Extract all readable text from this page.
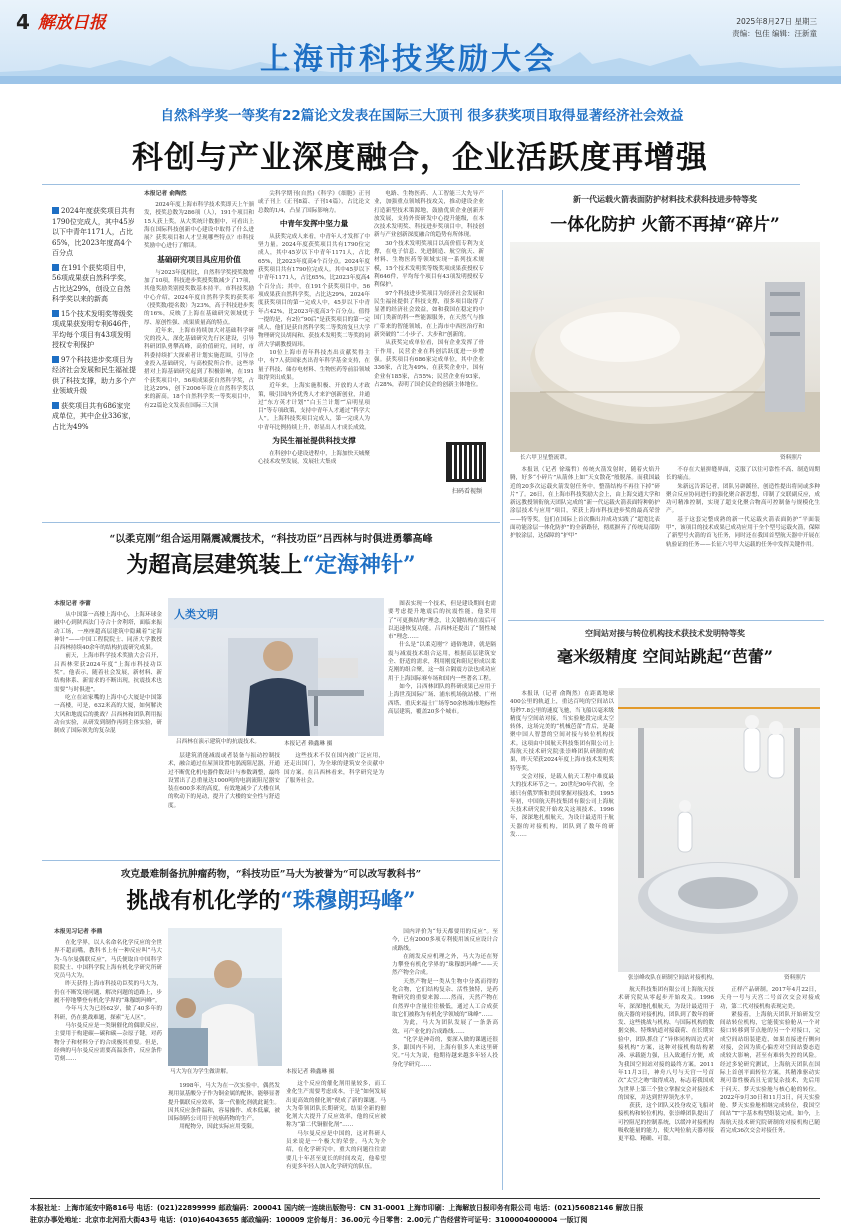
4 解放日报	2025年8月27日 星期三
责编：包佳 编辑：汪新童
上海市科技奖励大会
自然科学奖一等奖有22篇论文发表在国际三大顶刊 很多获奖项目取得显著经济社会效益
科创与产业深度融合，企业活跃度再增强

2024年度获奖项目共有1790位完成人，其中45岁以下中青年1171人，占比65%，比2023年度高4个百分点

在191个获奖项目中，56项成果获自然科学奖，占比达29%，创设立自然科学奖以来的新高

15个技术发明奖等级奖项成果获发明专利646件，平均每个项目有43项发明授权专利保护

97个科技进步奖项目为经济社会发展和民生福祉提供了科技支撑，助力多个产业领域升级

获奖项目共有686家完成单位，其中企业336家，占比为49%

本报记者 俞陶然

2024年度上海市科学技术奖即天上午颁发，授奖总数为286项（人），191个项目和15人获上奖，从大奖统计数据中，可看出上海在国际科技创新中心建设中取得了什么进展？获奖项目和人才呈现哪些特点？市科技奖励中心进行了解读。

基础研究项目具应用价值

与2023年度相比，自然科学奖授奖数增加了10项，科技进步奖授奖数减少了17项，其他奖励类别授奖数基本持平。市科技奖励中心介绍，2024年度自然科学奖的获奖率（授奖数/提名数）为23%，高于科技进步奖的16%，反映了上海在基础研究领域优于厚、原创性强、成果质量高的特点。

近年来，上海市持续加大对基础科学研究的投入，深化基础研究先行区建设，引导科研团队勇攀高峰，高价值研究，同时，市科委持续扩大探索者计划实施范围，引导企业投入基础研究，与高校院所合作。这些举措对上海基础研究起到了积极影响，在191个获奖项目中，56项成果获自然科学奖，占比达29%，创下2006年设立自然科学奖以来的新高。18个自然科学奖一等奖项目中，有22篇论文发表在国际三大顶

尖科学期刊(自然)《科学》《细胞》正刊或子刊上（正刊8篇、子刊14篇），占比论文总数的1/4，凸显了国际影响力。

中青年发挥中坚力量

从获奖完成人来看，中青年人才发挥了中坚力量。2024年度获奖项目共有1790位完成人，其中45岁以下中青年1171人，占比65%，比2023年度高4个百分点。2024年度获奖项目共有1790位完成人。其中45岁以下中青年1171人，占比65%，比2023年度高4个百分点；其中，在191个获奖项目中，56项成果获自然科学奖，占比达29%，2024年度获奖项目的第一完成人中，45岁以下中青年占42%，比2023年度高3个百分点。值得一提的是，有2位“90后”是获奖项目的第一完成人，他们是获自然科学奖二等奖的复旦大学物理研究员胡闯和、获技术发明奖二等奖的同济大学副教授周玮。

10位上海市青年科技杰出贡献奖得主中，有7人获国家杰出青年科学基金支持，在量子科技、储存电材料、生物医药等前沿领域取得突出成果。

近年来，上海实施积极、开放的人才政策，吸引国内外优秀人才来沪创新创业，并通过“东方英才计划”“白玉兰计划”“启明星项目”等专项政策，支持中青年人才通过“科学大人”。上海科技奖项目完成人，第一完成人为中青年比例持续上升，彰显出人才成长成效。

为民生福祉提供科技支撑

在科创中心建设进程中，上海加快天城聚心技术攻坚发展，发展壮大集成

电路、生物医药、人工智能三大先导产业，加强重点领域科技攻关，推动建设企业打造新型技术策源地，鼓励优质企业创新开放发展，支持外资研发中心提升能级，在本次技术发明奖、科技进步奖项目中，科技创新与产业创新深度融合的趋势有所体现。

30个技术发明奖项目以高价值专利为支撑，在电子信息、先进制造、航空航天、新材料、生物医药等领域实现一系列技术规模，15个技术发明奖等级奖项成果获授权专利646件，平均每个项目有43项发明授权专利保护。

97个科技进步奖项目为经济社会发展和民生福祉提供了科技支撑，很多项目取得了显著的经济社会效益，如和我国在稳定的中国门类新的科一些能源服务，在天然气与推广带来的智能领域，在上海市中西医治疗和新突破的“二小步子、大步和”创新的。

从获奖完成单位看，国有企业发挥了骨干作用，民营企业在科创活跃度进一步增强。获奖项目有686家完成单位，其中企业336家，占比为49%，在获奖企业中，国有企业有185家，占55%；民营企业有93家，占28%，表明了国企民企的创新主体地位。

扫码看视频
新一代运载火箭表面防护材料技术获科技进步特等奖
一体化防护 火箭不再掉“碎片”
长六甲卫星整流罩。	资料照片

本报讯（记者 徐瑞哲）传统火箭发射时，随着火焰升腾，好多“小碎片”从箭体上如“天女散花”般脱落。而我国最近的20多次运载火箭发射任务中，整箭结构不再往下掉“碎片”了。26日，在上海市科技奖励大会上，由上海交通大学和新远教授领衔航天团队完成的“新一代运载火箭表面特种防护涂层技术与应用”项目，荣获上海市科技进步奖的最高荣誉——特等奖。包们在国际上首次撕出并成功实践了“超宽比表面功能涂层一体化防护”的全新路径，彻底摒弃了传统局部防护胶涂层，达保障的“护甲”

不存在大量拼缝界面，克服了以往可靠性不高、制造周期长的痛点。

朱新远告诉记者，团队另辟蹊径，创造性提出将同或多种聚合反应协同进行的强化聚合新思想，印制了交联副反应，成功可精准控制，实现了超支化聚合物高可控制备与规模化生产。

基于这套完整成熟的新一代运载火箭表面防护“平面装甲”，该项目的技术成果已成功应用于全个型号运载火箭，保障了新型号火箭的首飞任务，同时还在我国首型航天器中开展在轨验证的任务——长征六号甲大运载的任务中发挥关键作用。

“以柔克刚”组合运用隔震减震技术，“科技功臣”吕西林与时俱进勇攀高峰
为超高层建筑装上“定海神针”
本报记者 李蕾

从中国第一高楼上海中心，上海环球金融中心到陕西法门寺合十舍利塔，面临来振动工场，一座座超高层建筑中隐藏着“定海神针”——中国工程院院士、同济大学教授吕西林持续40余年的结构抗震研究成果。

前天，上海市科学技术奖励大会召开，吕西林荣获2024年度“上海市科技功臣奖”。他表示，随着社会发展，新材料、新结构体系、新需求的不断出现，抗震技术也需要“与时俱进”。

吃立在站家嘴的上海中心大厦是中国第一高楼，可是，632米高的大厦，如何解决大风和地震后的挑战？吕西林和团队利用振动台实验，从研发到制作再到主体实验，研制成了国际领先的复杂混

人类文明
吕西林在演示建筑中的抗震技术。

层建筑消能减震或者装备与振动控制技术，融合通过在屋顶设置电涡流阻尼器，开通过不断优化机电器件数设计与参数调整，最终设置出了总重量达1000吨的电涡流阻尼器安装在600多米的高度，有效地减少了大楼在风的吹动下的晃动，提升了大楼的安全性与舒适度。

本报记者 赖鑫琳 摄

这些技术不仅在国内被广泛应用，还走出国门，为全球的建筑安全贡献中国方案。在吕西林看来，科学研究是为了服务社会。

图表实现一个技术，但是建设期间也需要考虑提升地震后的抗震性能，他采用了“可更换结构”理念，让关键结构在震后可以迅速恢复功能。吕西林还提出了“韧性城市”理念……

什么是“以柔克刚”？通俗地讲，就是隔震与减震技术组合运用，根据高层建筑安全、舒适的需求，利用刚度和阻尼形成以柔克刚的组合聚，这一组合隔震方法也成功应用于上海国际赛车场和国内一些著名工程。

如今，吕西林团队的科研成果已应用于上海世茂国际广场、浦东机场航站楼、广州西塔、重庆来福士广场等50余栋城市地标性高层建筑，覆盖20多个城市。

空间站对接与转位机构技术获技术发明特等奖
毫米级精度 空间站跳起“芭蕾”

本报讯（记者 俞陶然）在距离地球400公里的轨道上，重达百吨的空间站以每秒7.8公里的速度飞驰，当飞船以毫米级精度与空间站对接，当实验舱段完成太空转体，这场完美的“机械芭蕾”背后，是凝聚中国人智慧的空间对接与转位机构技术。这项由中国航天科技集团有限公司上海航天技术研究院张崇峰团队研制的成果，昨天荣获2024年度上海市技术发明奖特等奖。

交会对接，是载人航天工程中难度最大的技术环节之一。20世纪90年代初，全球只有俄罗斯和美国掌握对接技术，1995年初，中国航天科技集团有限公司上海航天技术研究院开始攻关这项技术。1996年，深深地扎根航天，为设计最适用于航天器的对接机构，团队到了数年的研发……

张崇峰攻队在研制空间站对接机构。	资料照片

航天科技集团有限公司上海航天技术研究院从零起步开始攻关。1996年，深深地扎根航天，为设计最适用于航天器的对接机构，团队到了数年的研发、这些挑战与机构、与国际机构的数据交换、特殊轨道对接载荷、在长期实验中，团队抓住了“异体同构周边式对接机构”方案，这种对接机构结构紧凑、承载能力强，且入致通行方便，成为我国空间站对接的最终方案。2011年11月3日，神舟八号与天宫一号首次“太空之吻”取得成功，标志着我国成为世界上第三个独立掌握交会对接技术的国家，并达到世界领先水平。

获获，这个团队又投身攻克飞船对接机构和转位机构，张崇峰团队提出了可控阻尼的控制系统，以缓冲对接机构吸收能量的能力，使大吨位航天器对接更平稳、精确、可靠。

正样产品研制。2017年4月22日，天舟一号与天宫二号首次交会对接成功，第二代对接机构表现完美。

紧接着，上海航天团队开始研发空间站转位机构，它能使实验舱从一个对接口转移到节点舱的另一个对接口，完成空间站组装建造，如果直接进行侧向对接，会因为质心偏差对空间站姿态造成较大影响，甚至有难转失控的风险。经过多轮研究测试，上海航天团队在国际上首创平面转位方案，其精准驱动实现可靠性极高且无需复杂技术，先后用于问天、梦天实验舱与核心舱的转位。2022年9月30日和11月3日，问天实验舱、梦天实验舱相继完成转位，我国空间站“T”字基本构型组装完成。如今，上海航天技术研究院研制的对接机构已随着完成36次交会对接任务。

攻克最难制备抗肿瘤药物，“科技功臣”马大为被誉为“可以改写教科书”
挑战有机化学的“珠穆朗玛峰”
本报见习记者 李鼎

在化学界，以人名命名化学反应的全世界不超而嘴，教科书上有一种反应叫“马大为-乌尔曼偶联反应”，马氏便取自中国科学院院士、中国科学院上海有机化学研究所研究员马大为。

昨天获得上海市科技功臣奖的马大为，仍在不断发现问题、解决问题的道路上，步履不停地攀登有机化学界的“珠穆朗玛峰”。

今年马大为已经62岁，做了40多年的科研，仍在挑战难题，探索“无人区”。

马尔曼反应是一类铜催化的偶联反应，主要用于构建碳—碳和碳—杂原子键，对药物分子和材料分子的合成极其重要。但是，经典的马尔曼反应需要高温条件，反应条件苛刻……

马大为在为学生做讲解。

1998年，马大为在一次实验中，偶然发现用氨基酸分子作为铜金属的配体，能够显著提升偶联反应效率，第一代催化剂就此诞生。因其反应条件温和，容易操作、成本低廉，被国际制药公司用于抗癌药物的生产。

用配物分，因此实际应用受限。

本报记者 赖鑫琳 摄

这个反应的催化剂用量较多，而工业化生产需要考虑成本，于是“如何发展出更高效的催化剂”便成了新的课题。马大为带领团队长期研究，结果全新的催化剂大大提升了反应效率，他的反应被称为“第二代铜催化剂”……

马尔曼反应是中国的，这对科研人员来说是一个极大的荣誉。马大为介绍，在化学研究中，重大的问题往往需要几十年甚至更长的时间攻克，他希望有更多年轻人加入化学研究的队伍。

国内评价为“每天都要用的反应”。至今，已有2000多项专利使用该反应设计合成路线。

在阐发反应机理之外，马大为还在努力攀登有机化学界的“珠穆朗玛峰”——天然产物全合成。

天然产物是一类从生物中分离而得的化合物，它们结构复杂、活性独特，是药物研究的重要来源……然而，天然产物在自然界中含量往往极低，通过人工合成获取它们被称为有机化学领域的“珠峰”……

为此，马大为团队发展了一条条高效、可产业化的合成路线……

“化学是神奇的，要深入做的课题还很多，跟国内不同，上海有很多人来这里研究。”马大为说，他期待越来越多年轻人投身化学研究……

本报社址：上海市延安中路816号 电话：(021)22899999 邮政编码：200041 国内统一连续出版物号：CN 31-0001 上海市印刷：上海解放日报印务有限公司 电话：(021)56082146 解放日报
驻京办事处地址：北京市北河沿大街43号 电话：(010)64043655 邮政编码：100009 定价每月：36.00元 今日零售：2.00元 广告经营许可证号：3100004000004 一版订阅
